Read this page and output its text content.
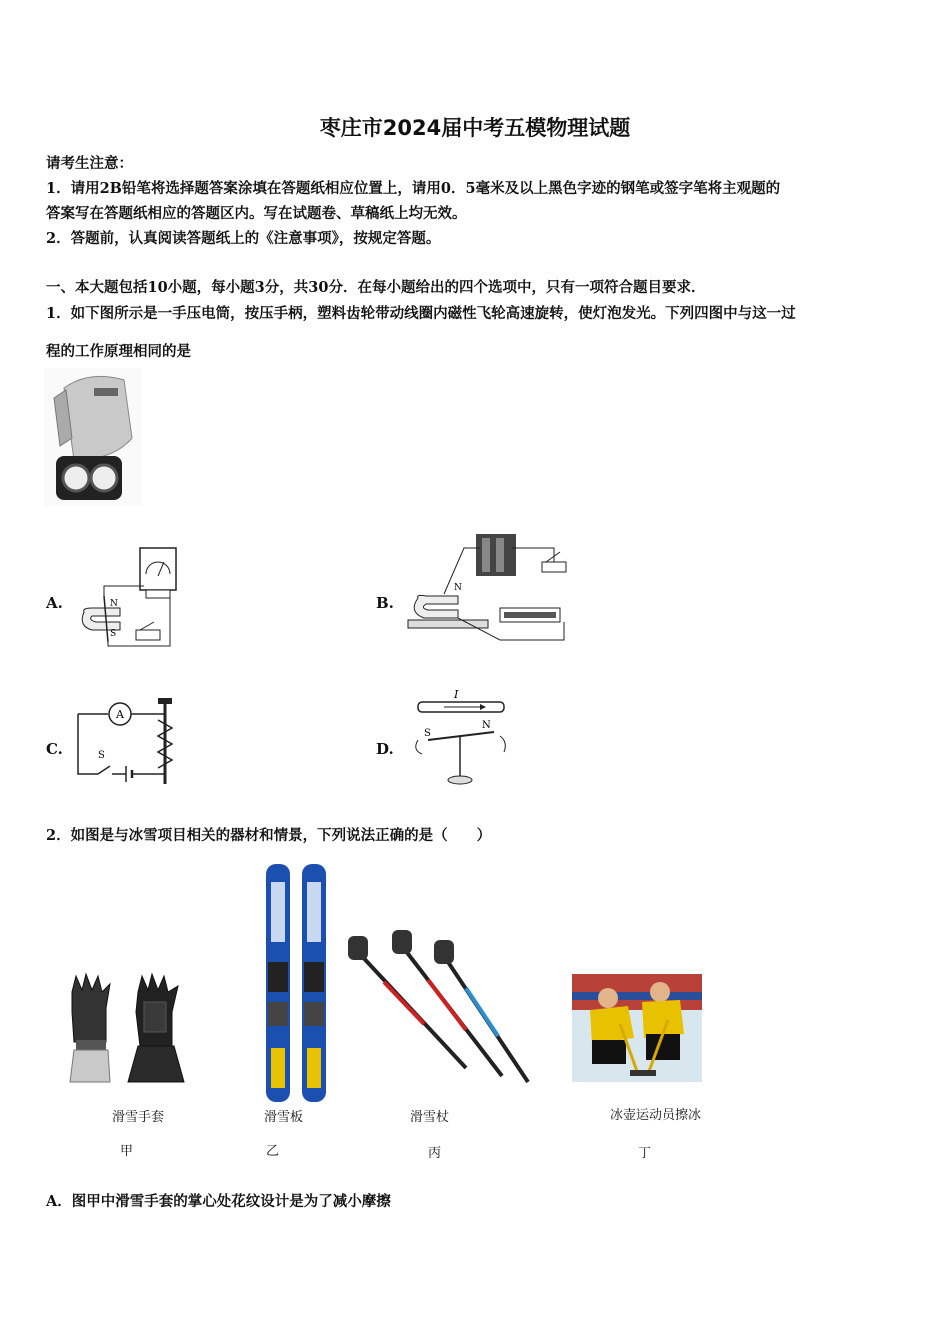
枣庄市2024届中考五模物理试题
请考生注意：
1．请用2B铅笔将选择题答案涂填在答题纸相应位置上，请用0．5毫米及以上黑色字迹的钢笔或签字笔将主观题的
答案写在答题纸相应的答题区内。写在试题卷、草稿纸上均无效。
2．答题前，认真阅读答题纸上的《注意事项》，按规定答题。
一、本大题包括10小题，每小题3分，共30分．在每小题给出的四个选项中，只有一项符合题目要求．
1．如下图所示是一手压电筒，按压手柄，塑料齿轮带动线圈内磁性飞轮高速旋转，使灯泡发光。下列四图中与这一过
程的工作原理相同的是
A.	N
S
B.
N
C.
A
S	D.
I
S
N
2．如图是与冰雪项目相关的器材和情景，下列说法正确的是（　　）
滑雪手套
甲
滑雪板
乙
滑雪杖
丙
冰壶运动员擦冰
丁
A．图甲中滑雪手套的掌心处花纹设计是为了减小摩擦
